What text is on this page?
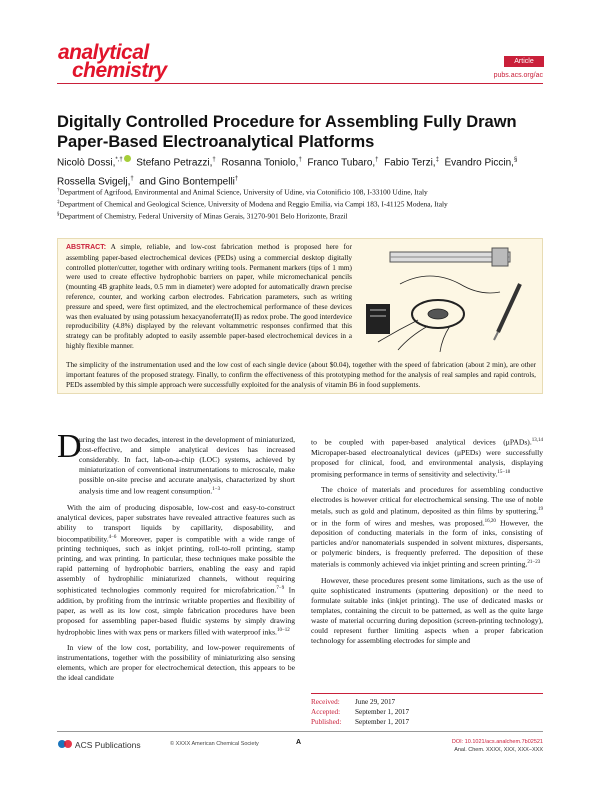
analytical
chemistry	Article
pubs.acs.org/ac
Digitally Controlled Procedure for Assembling Fully Drawn Paper-Based Electroanalytical Platforms
Nicolò Dossi,*,† Stefano Petrazzi,† Rosanna Toniolo,† Franco Tubaro,† Fabio Terzi,‡ Evandro Piccin,§
Rossella Svigelj,† and Gino Bontempelli†
†Department of Agrifood, Environmental and Animal Science, University of Udine, via Cotonificio 108, I-33100 Udine, Italy
‡Department of Chemical and Geological Science, University of Modena and Reggio Emilia, via Campi 183, I-41125 Modena, Italy
§Department of Chemistry, Federal University of Minas Gerais, 31270-901 Belo Horizonte, Brazil
ABSTRACT: A simple, reliable, and low-cost fabrication method is proposed here for assembling paper-based electrochemical devices (PEDs) using a commercial desktop digitally controlled plotter/cutter, together with ordinary writing tools. Permanent markers (tips of 1 mm) were used to create effective hydrophobic barriers on paper, while micromechanical pencils (mounting 4B graphite leads, 0.5 mm in diameter) were adopted for automatically drawn precise reference, counter, and working carbon electrodes. Fabrication parameters, such as writing pressure and speed, were first optimized, and the electrochemical performance of these devices was then evaluated by using potassium hexacyanoferrate(II) as redox probe. The good interdevice reproducibility (4.8%) displayed by the relevant voltammetric responses confirmed that this strategy can be profitably adopted to easily assemble paper-based electrochemical devices in a highly flexible manner.
The simplicity of the instrumentation used and the low cost of each single device (about $0.04), together with the speed of fabrication (about 2 min), are other important features of the proposed strategy. Finally, to confirm the effectiveness of this prototyping method for the analysis of real samples and rapid controls, PEDs assembled by this simple approach were successfully exploited for the analysis of vitamin B6 in food supplements.
D

uring the last two decades, interest in the development of miniaturized, cost-effective, and simple analytical devices has increased considerably. In fact, lab-on-a-chip (LOC) systems, achieved by miniaturization of conventional instrumentations to microscale, make possible on-site precise and accurate analysis, characterized by short analysis time and low reagent consumption.$^{1-3}$

With the aim of producing disposable, low-cost and easy-to-construct analytical devices, paper substrates have revealed attractive features such as ability to transport liquids by capillarity, disposability, and biocompatibility.$^{4-6}$ Moreover, paper is compatible with a wide range of printing techniques, such as inkjet printing, roll-to-roll printing, stamp printing, and wax printing. In particular, these techniques make possible the rapid patterning of hydrophobic barriers, enabling the easy and rapid assembly of hydrophilic miniaturized channels, without requiring sophisticated technologies commonly required for microfabrication.$^{7-9}$ In addition, by profiting from the intrinsic writable properties and flexibility of paper, as well as its low cost, simple fabrication procedures have been proposed for assembling paper-based fluidic systems by simply drawing hydrophobic lines with wax pens or markers filled with waterproof inks.$^{10-12}$

In view of the low cost, portability, and low-power requirements of instrumentations, together with the possibility of miniaturizing also sensing elements, which are proper for electrochemical detection, this appears to be the ideal candidate

to be coupled with paper-based analytical devices (μPADs).$^{13,14}$ Micropaper-based electroanalytical devices (μPEDs) were successfully proposed for clinical, food, and environmental analysis, displaying promising performance in terms of sensitivity and selectivity.$^{15-18}$

The choice of materials and procedures for assembling conductive electrodes is however critical for electrochemical sensing. The use of noble metals, such as gold and platinum, deposited as thin films by sputtering,$^{19}$ or in the form of wires and meshes, was proposed.$^{16,20}$ However, the deposition of conducting materials in the form of inks, consisting of particles and/or nanomaterials suspended in solvent mixtures, dispersants, or polymeric binders, is frequently preferred. The deposition of these materials is commonly achieved via inkjet printing and screen printing.$^{21-23}$

However, these procedures present some limitations, such as the use of quite sophisticated instruments (sputtering deposition) or the need to formulate suitable inks (inkjet printing). The use of dedicated masks or templates, containing the circuit to be patterned, as well as the quite large waste of material occurring during deposition (screen-printing technology), could represent further limiting aspects when a proper fabrication technology for assembling electrodes for simple and

Received: June 29, 2017
Accepted: September 1, 2017
Published: September 1, 2017
ACS Publications	© XXXX American Chemical Society	A	DOI: 10.1021/acs.analchem.7b02521
Anal. Chem. XXXX, XXX, XXX−XXX
